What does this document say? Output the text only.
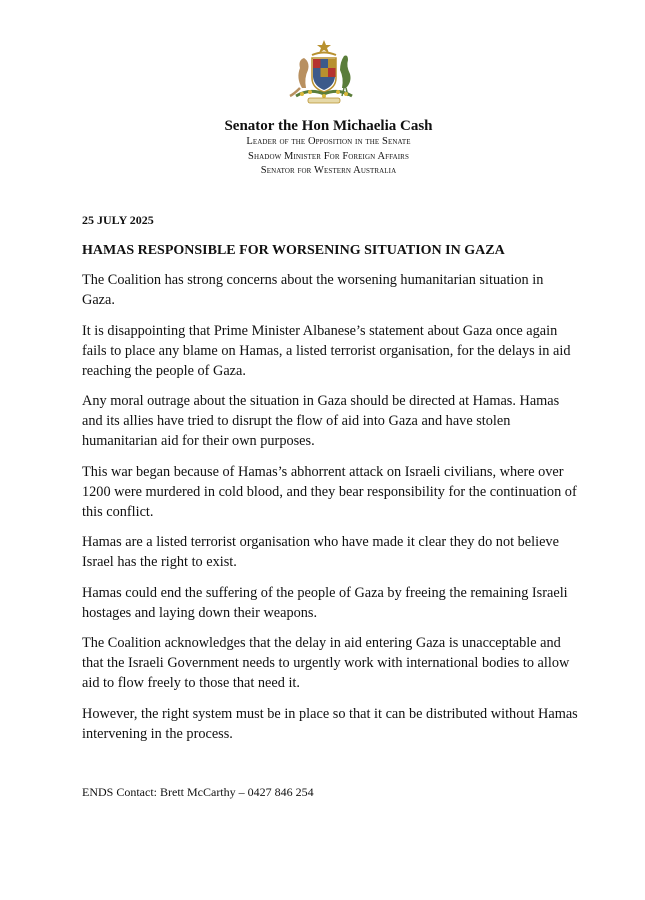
Senator the Hon Michaelia Cash
Leader of the Opposition in the Senate
Shadow Minister For Foreign Affairs
Senator for Western Australia
25 JULY 2025
HAMAS RESPONSIBLE FOR WORSENING SITUATION IN GAZA

The Coalition has strong concerns about the worsening humanitarian situation in Gaza.

It is disappointing that Prime Minister Albanese’s statement about Gaza once again fails to place any blame on Hamas, a listed terrorist organisation, for the delays in aid reaching the people of Gaza.

Any moral outrage about the situation in Gaza should be directed at Hamas. Hamas and its allies have tried to disrupt the flow of aid into Gaza and have stolen humanitarian aid for their own purposes.

This war began because of Hamas’s abhorrent attack on Israeli civilians, where over 1200 were murdered in cold blood, and they bear responsibility for the continuation of this conflict.

Hamas are a listed terrorist organisation who have made it clear they do not believe Israel has the right to exist.

Hamas could end the suffering of the people of Gaza by freeing the remaining Israeli hostages and laying down their weapons.

The Coalition acknowledges that the delay in aid entering Gaza is unacceptable and that the Israeli Government needs to urgently work with international bodies to allow aid to flow freely to those that need it.

However, the right system must be in place so that it can be distributed without Hamas intervening in the process.

ENDS Contact: Brett McCarthy – 0427 846 254
